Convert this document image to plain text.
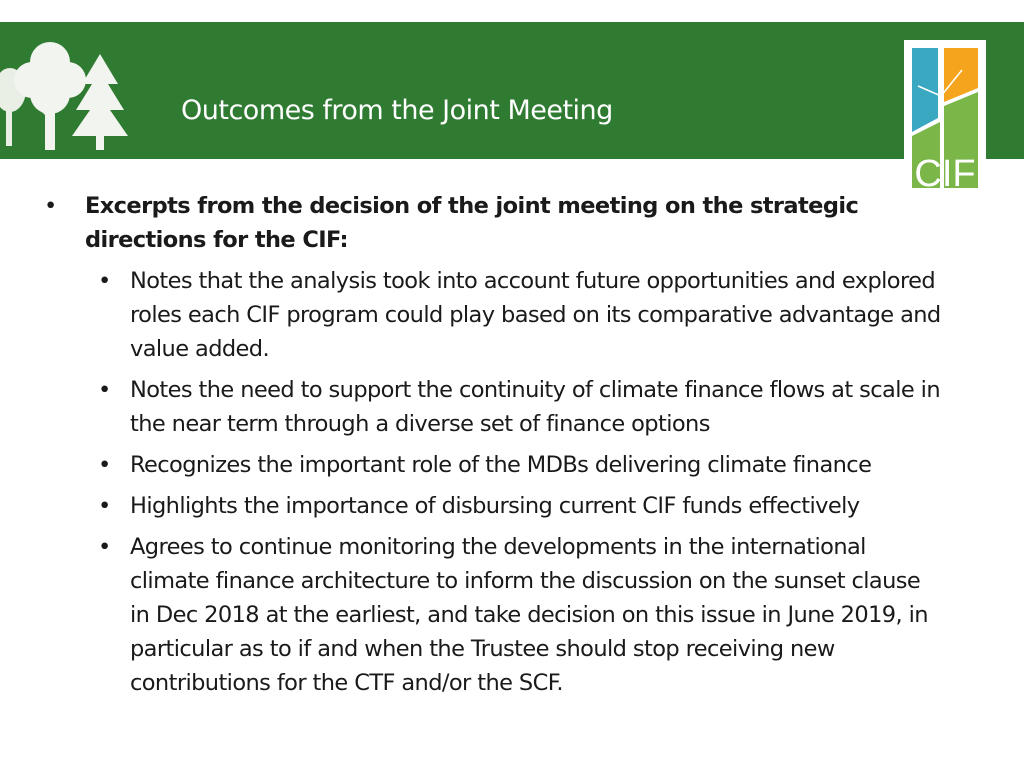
Outcomes from the Joint Meeting
CIF
• Excerpts from the decision of the joint meeting on the strategic directions for the CIF:
• Notes that the analysis took into account future opportunities and explored roles each CIF program could play based on its comparative advantage and value added.
• Notes the need to support the continuity of climate finance flows at scale in the near term through a diverse set of finance options
• Recognizes the important role of the MDBs delivering climate finance
• Highlights the importance of disbursing current CIF funds effectively
• Agrees to continue monitoring the developments in the international climate finance architecture to inform the discussion on the sunset clause in Dec 2018 at the earliest, and take decision on this issue in June 2019, in particular as to if and when the Trustee should stop receiving new contributions for the CTF and/or the SCF.
